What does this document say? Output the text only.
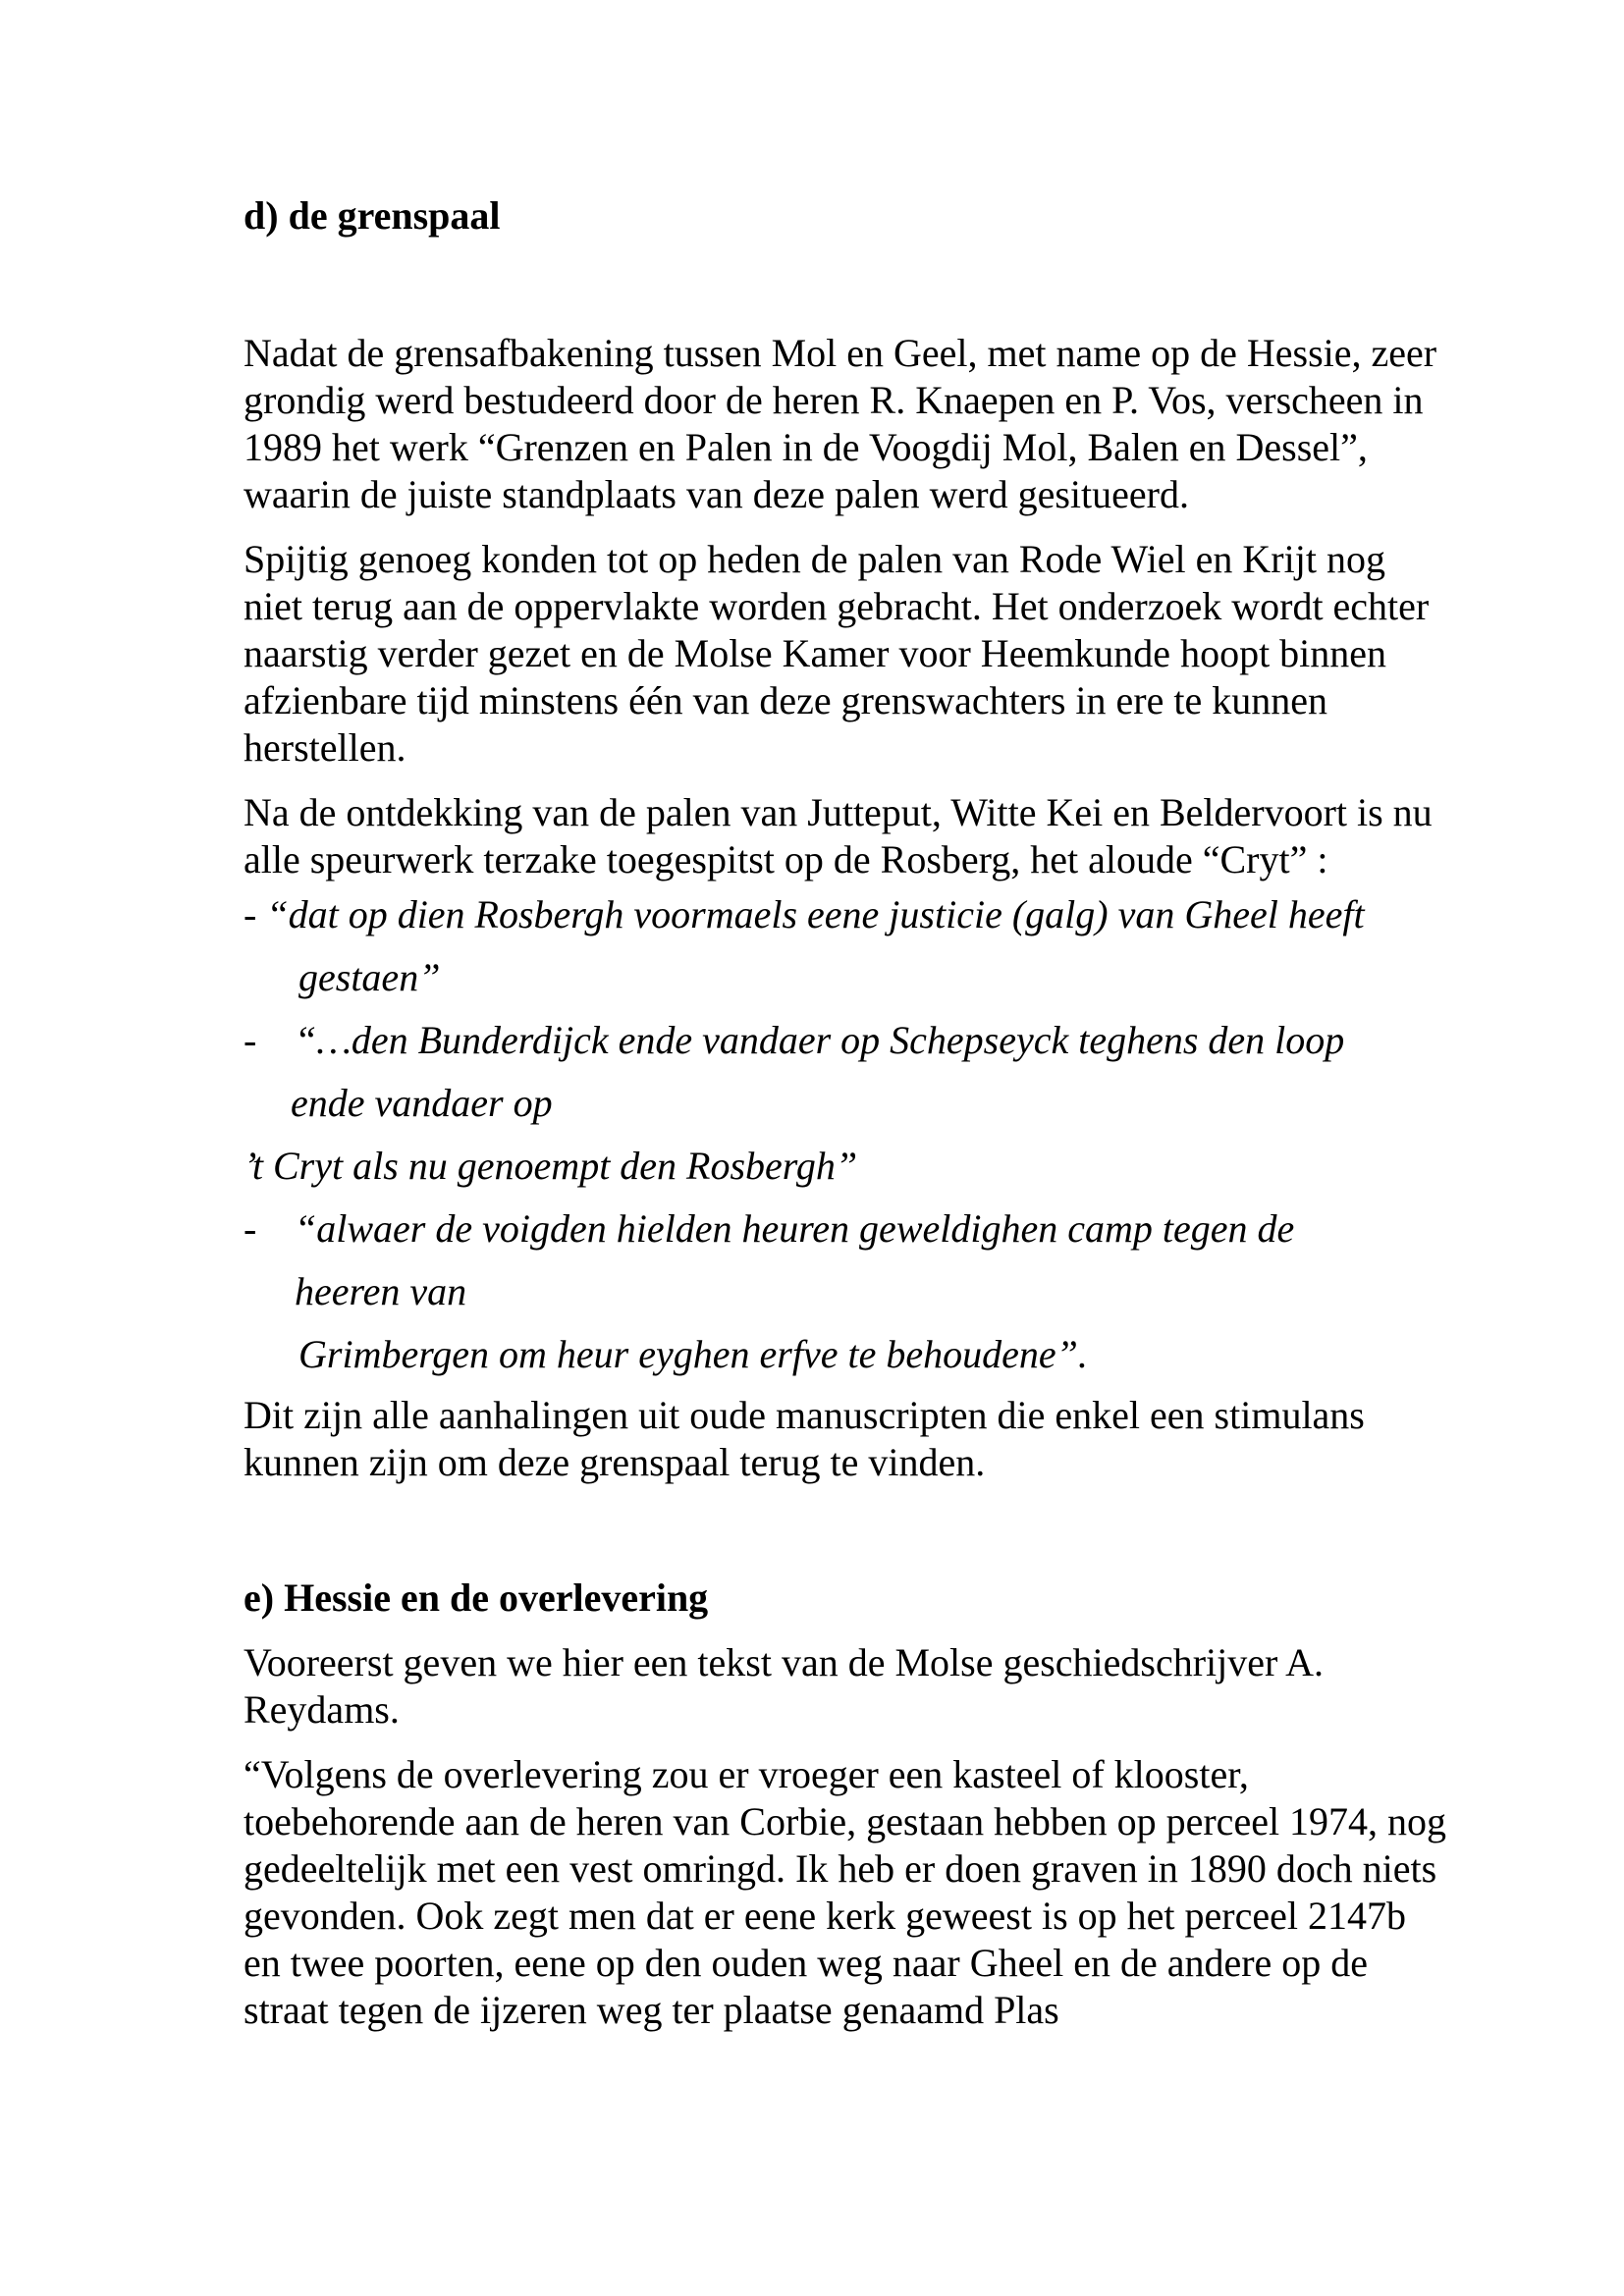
d) de grenspaal

Nadat de grensafbakening tussen Mol en Geel, met name op de Hessie, zeer grondig werd bestudeerd door de heren R. Knaepen en P. Vos, verscheen in 1989 het werk “Grenzen en Palen in de Voogdij Mol, Balen en Dessel”, waarin de juiste standplaats van deze palen werd gesitueerd.

Spijtig genoeg konden tot op heden de palen van Rode Wiel en Krijt nog niet terug aan de oppervlakte worden gebracht. Het onderzoek wordt echter naarstig verder gezet en de Molse Kamer voor Heemkunde hoopt binnen afzienbare tijd minstens één van deze grenswachters in ere te kunnen herstellen.

Na de ontdekking van de palen van Jutteput, Witte Kei en Beldervoort is nu alle speurwerk terzake toegespitst op de Rosberg, het aloude “Cryt” :

- “dat op dien Rosbergh voormaels eene justicie (galg) van Gheel heeft
gestaen”
- “…den Bunderdijck ende vandaer op Schepseyck teghens den loop
ende vandaer op
’t Cryt als nu genoempt den Rosbergh”
- “alwaer de voigden hielden heuren geweldighen camp tegen de
heeren van
Grimbergen om heur eyghen erfve te behoudene”.

Dit zijn alle aanhalingen uit oude manuscripten die enkel een stimulans kunnen zijn om deze grenspaal terug te vinden.

e) Hessie en de overlevering

Vooreerst geven we hier een tekst van de Molse geschiedschrijver A. Reydams.

“Volgens de overlevering zou er vroeger een kasteel of klooster, toebehorende aan de heren van Corbie, gestaan hebben op perceel 1974, nog gedeeltelijk met een vest omringd. Ik heb er doen graven in 1890 doch niets gevonden. Ook zegt men dat er eene kerk geweest is op het perceel 2147b en twee poorten, eene op den ouden weg naar Gheel en de andere op de straat tegen de ijzeren weg ter plaatse genaamd Plas
